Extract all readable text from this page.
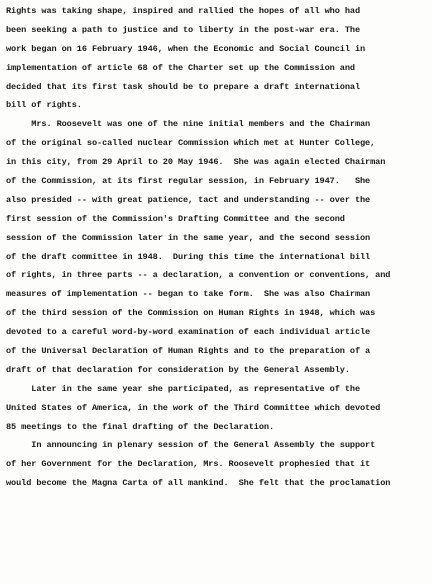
Rights was taking shape, inspired and rallied the hopes of all who had
been seeking a path to justice and to liberty in the post-war era. The
work began on 16 February 1946, when the Economic and Social Council in
implementation of article 68 of the Charter set up the Commission and
decided that its first task should be to prepare a draft international
bill of rights.
Mrs. Roosevelt was one of the nine initial members and the Chairman
of the original so-called nuclear Commission which met at Hunter College,
in this city, from 29 April to 20 May 1946.  She was again elected Chairman
of the Commission, at its first regular session, in February 1947.   She
also presided -- with great patience, tact and understanding -- over the
first session of the Commission's Drafting Committee and the second
session of the Commission later in the same year, and the second session
of the draft committee in 1948.  During this time the international bill
of rights, in three parts -- a declaration, a convention or conventions, and
measures of implementation -- began to take form.  She was also Chairman
of the third session of the Commission on Human Rights in 1948, which was
devoted to a careful word-by-word examination of each individual article
of the Universal Declaration of Human Rights and to the preparation of a
draft of that declaration for consideration by the General Assembly.
Later in the same year she participated, as representative of the
United States of America, in the work of the Third Committee which devoted
85 meetings to the final drafting of the Declaration.
In announcing in plenary session of the General Assembly the support
of her Government for the Declaration, Mrs. Roosevelt prophesied that it
would become the Magna Carta of all mankind.  She felt that the proclamation
